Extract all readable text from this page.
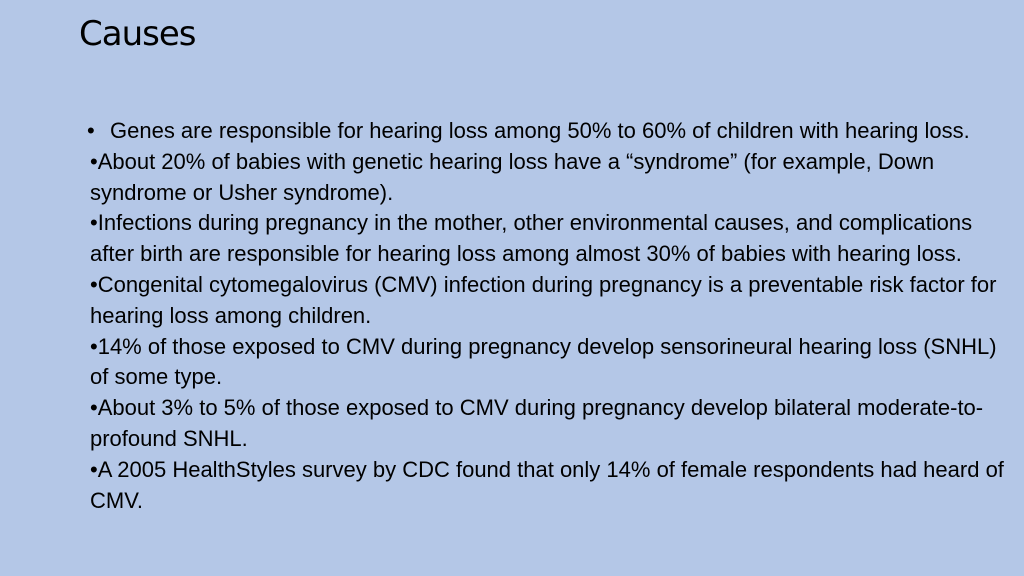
Causes
• Genes are responsible for hearing loss among 50% to 60% of children with hearing loss.
•About 20% of babies with genetic hearing loss have a “syndrome” (for example, Down syndrome or Usher syndrome).
•Infections during pregnancy in the mother, other environmental causes, and complications after birth are responsible for hearing loss among almost 30% of babies with hearing loss.
•Congenital cytomegalovirus (CMV) infection during pregnancy is a preventable risk factor for hearing loss among children.
•14% of those exposed to CMV during pregnancy develop sensorineural hearing loss (SNHL) of some type.
•About 3% to 5% of those exposed to CMV during pregnancy develop bilateral moderate-to-profound SNHL.
•A 2005 HealthStyles survey by CDC found that only 14% of female respondents had heard of CMV.
